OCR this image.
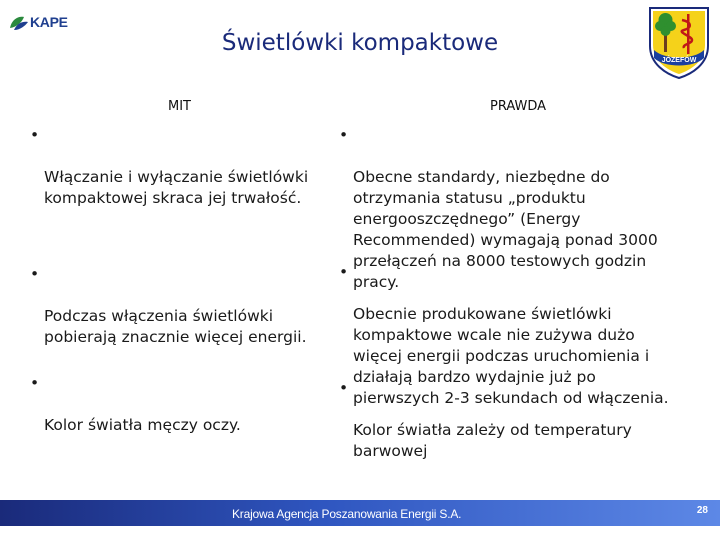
KAPE
JÓZEFÓW
Świetlówki kompaktowe
MIT	PRAWDA

•

Włączanie i wyłączanie świetlówki
kompaktowej skraca jej trwałość.

•

Podczas włączenia świetlówki
pobierają znacznie więcej energii.

•

Kolor światła męczy oczy.

•

Obecne standardy, niezbędne do
otrzymania statusu „produktu
energooszczędnego” (Energy
Recommended) wymagają ponad 3000
przełączeń na 8000 testowych godzin
pracy.

•

Obecnie produkowane świetlówki
kompaktowe wcale nie zużywa dużo
więcej energii podczas uruchomienia i
działają bardzo wydajnie już po
pierwszych 2-3 sekundach od włączenia.

•

Kolor światła zależy od temperatury
barwowej

Krajowa Agencja Poszanowania Energii S.A.	28
